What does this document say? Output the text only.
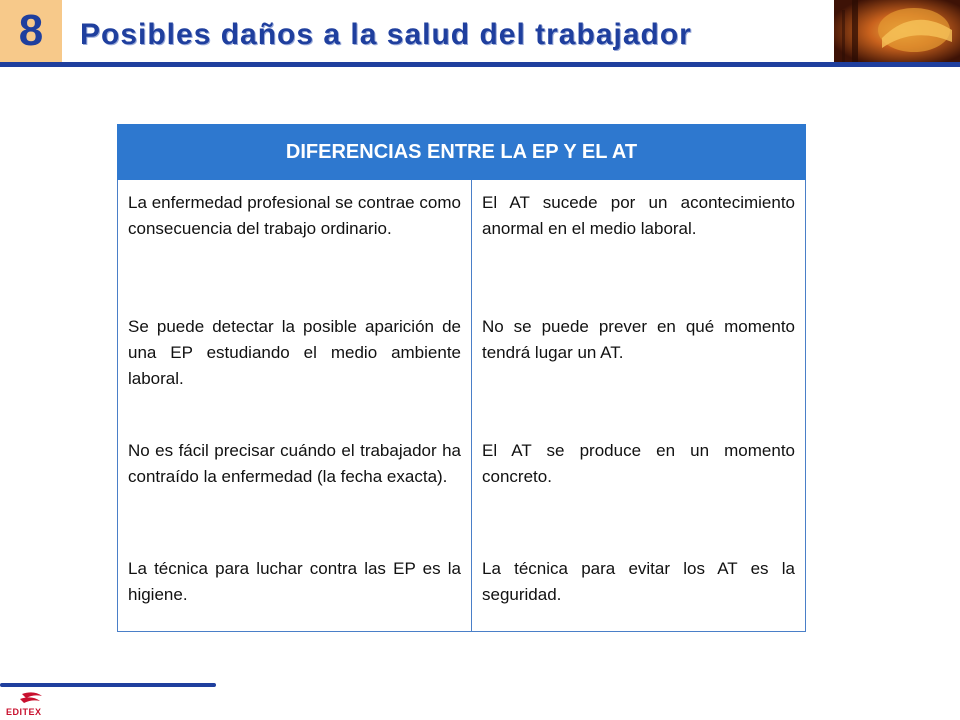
8 Posibles daños a la salud del trabajador
DIFERENCIAS ENTRE LA EP Y EL AT	
La enfermedad profesional se contrae como consecuencia del trabajo ordinario.	El AT sucede por un acontecimiento anormal en el medio laboral.
Se puede detectar la posible aparición de una EP estudiando el medio ambiente laboral.	No se puede prever en qué momento tendrá lugar un AT.
No es fácil precisar cuándo el trabajador ha contraído la enfermedad (la fecha exacta).	El AT se produce en un momento concreto.
La técnica para luchar contra las EP es la higiene.	La técnica para evitar los AT es la seguridad.
EDITEX
